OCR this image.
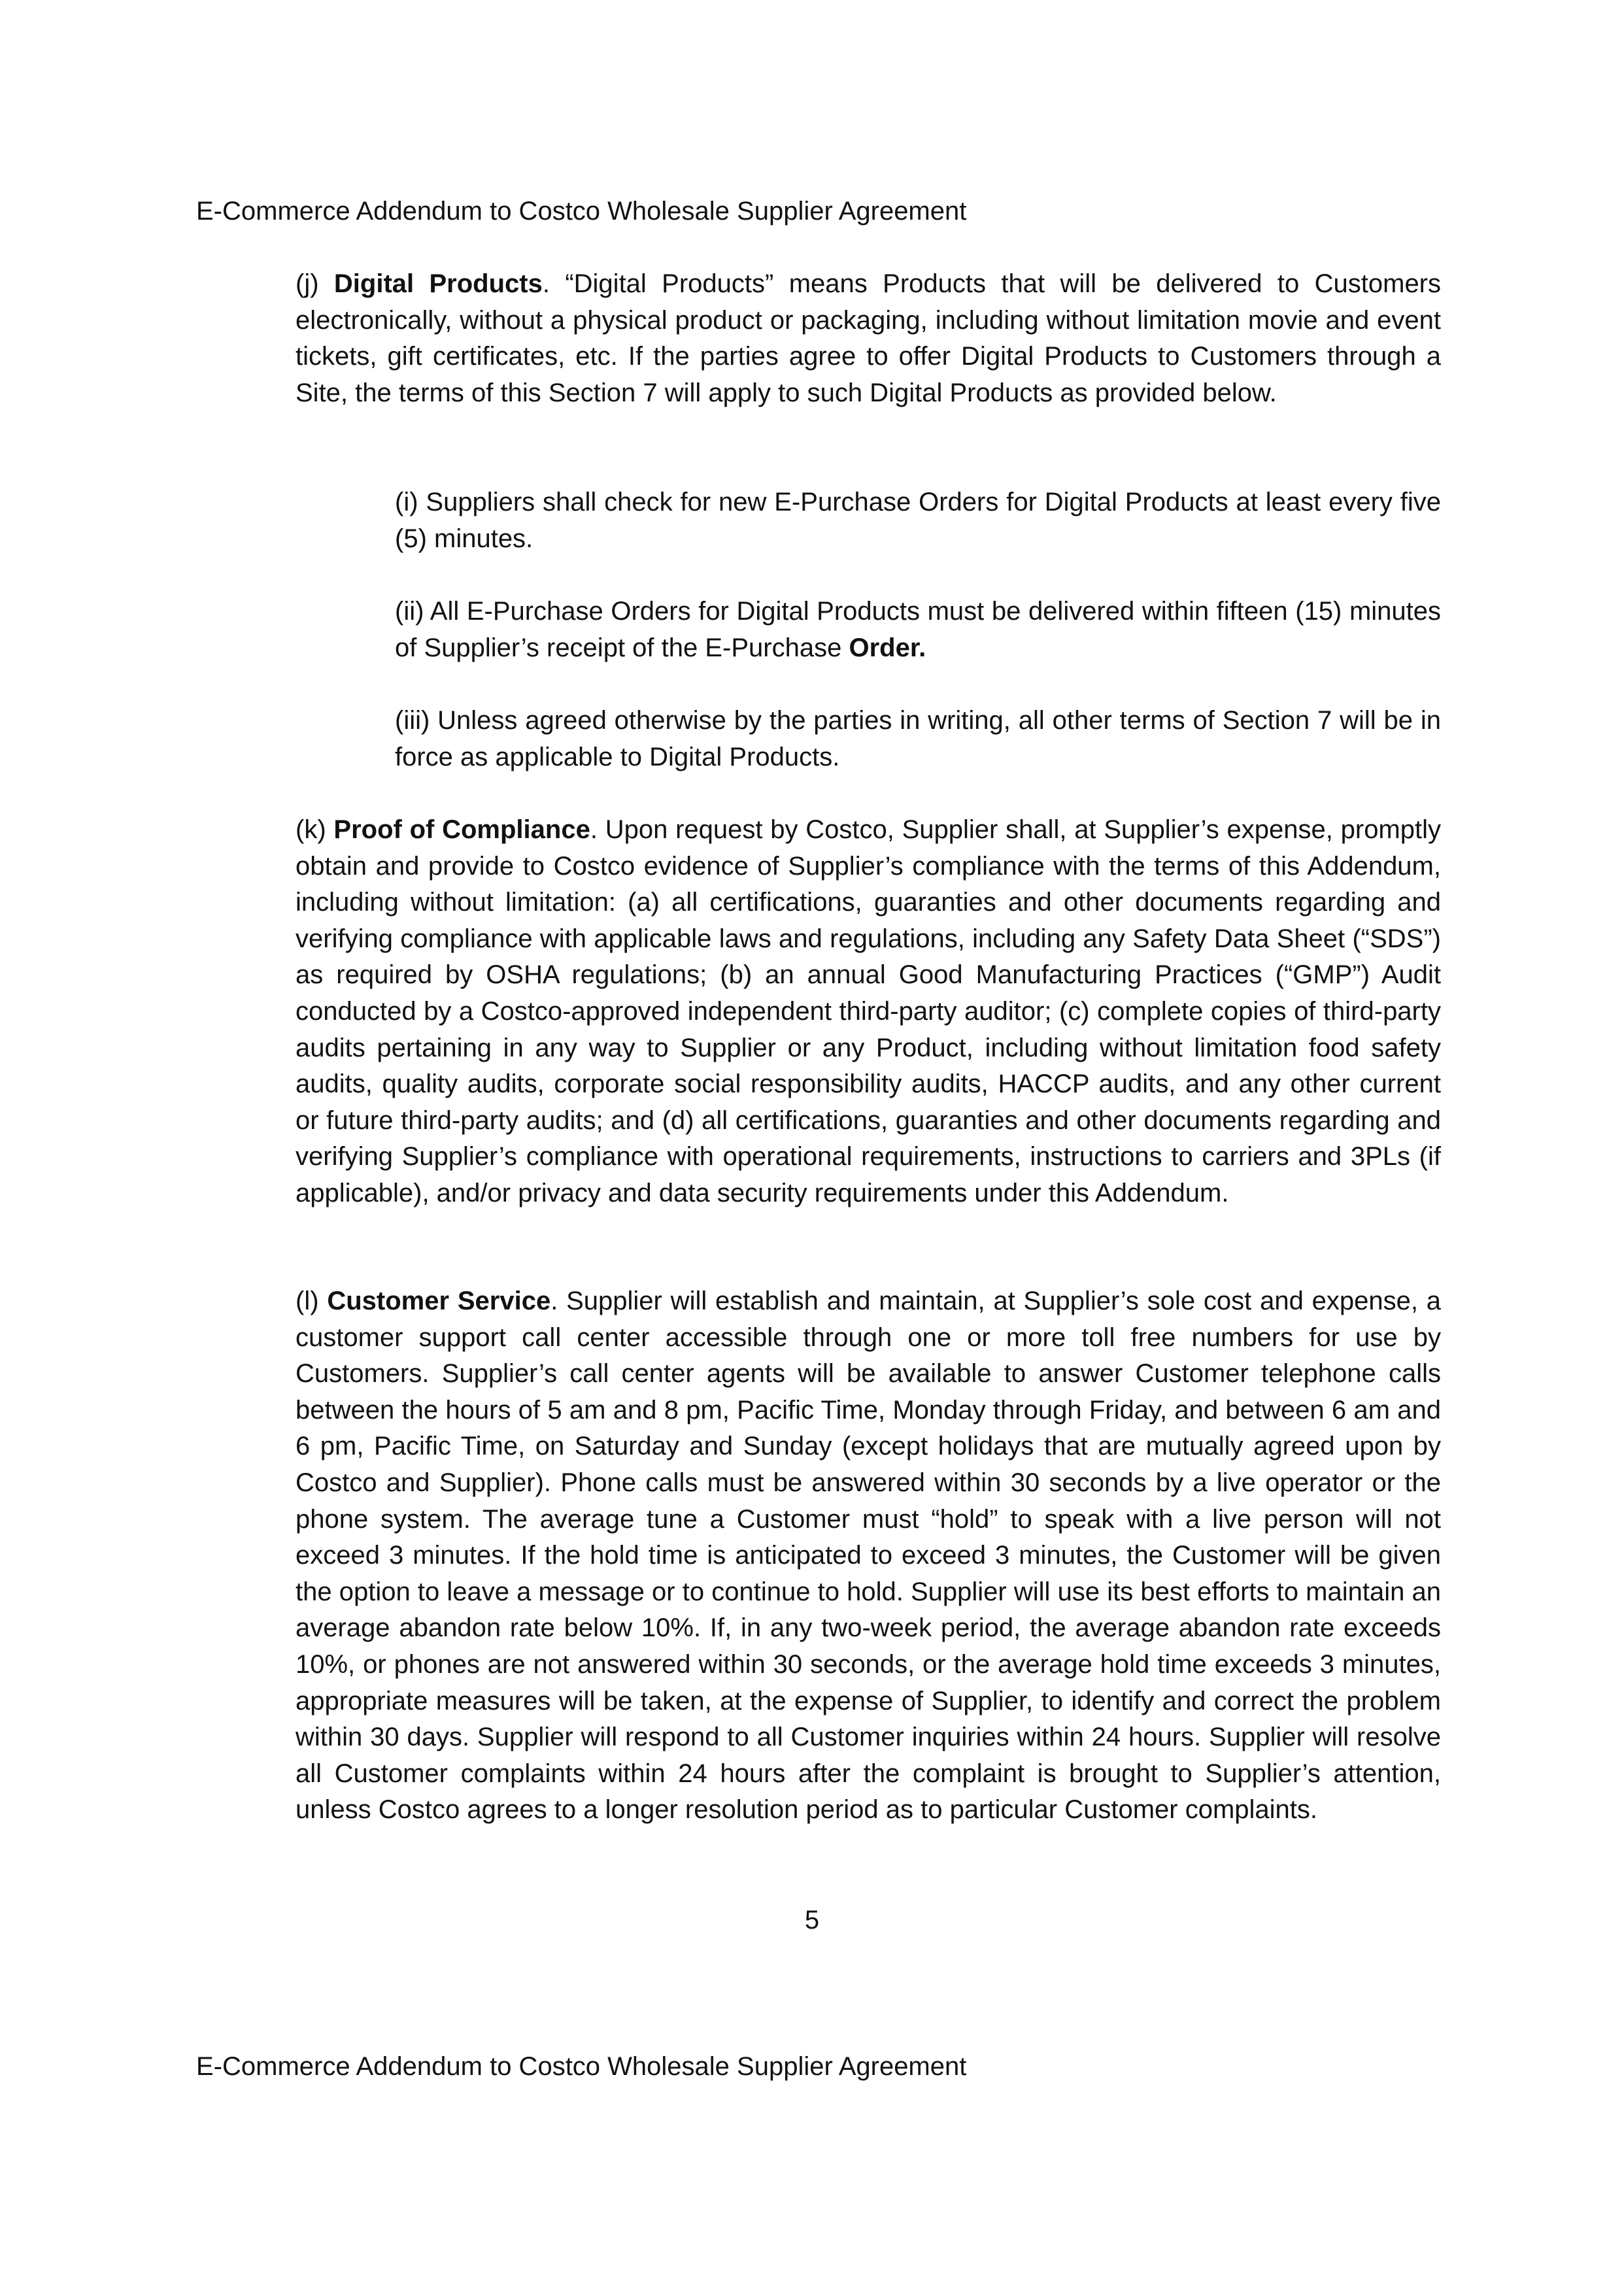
E-Commerce Addendum to Costco Wholesale Supplier Agreement

(j) Digital Products. “Digital Products” means Products that will be delivered to Customers electronically, without a physical product or packaging, including without limitation movie and event tickets, gift certificates, etc. If the parties agree to offer Digital Products to Customers through a Site, the terms of this Section 7 will apply to such Digital Products as provided below.

(i) Suppliers shall check for new E-Purchase Orders for Digital Products at least every five (5) minutes.

(ii) All E-Purchase Orders for Digital Products must be delivered within fifteen (15) minutes of Supplier’s receipt of the E-Purchase Order.

(iii) Unless agreed otherwise by the parties in writing, all other terms of Section 7 will be in force as applicable to Digital Products.

(k) Proof of Compliance. Upon request by Costco, Supplier shall, at Supplier’s expense, promptly obtain and provide to Costco evidence of Supplier’s compliance with the terms of this Addendum, including without limitation: (a) all certifications, guaranties and other documents regarding and verifying compliance with applicable laws and regulations, including any Safety Data Sheet (“SDS”) as required by OSHA regulations; (b) an annual Good Manufacturing Practices (“GMP”) Audit conducted by a Costco-approved independent third-party auditor; (c) complete copies of third-party audits pertaining in any way to Supplier or any Product, including without limitation food safety audits, quality audits, corporate social responsibility audits, HACCP audits, and any other current or future third-party audits; and (d) all certifications, guaranties and other documents regarding and verifying Supplier’s compliance with operational requirements, instructions to carriers and 3PLs (if applicable), and/or privacy and data security requirements under this Addendum.

(l) Customer Service. Supplier will establish and maintain, at Supplier’s sole cost and expense, a customer support call center accessible through one or more toll free numbers for use by Customers. Supplier’s call center agents will be available to answer Customer telephone calls between the hours of 5 am and 8 pm, Pacific Time, Monday through Friday, and between 6 am and 6 pm, Pacific Time, on Saturday and Sunday (except holidays that are mutually agreed upon by Costco and Supplier). Phone calls must be answered within 30 seconds by a live operator or the phone system. The average tune a Customer must “hold” to speak with a live person will not exceed 3 minutes. If the hold time is anticipated to exceed 3 minutes, the Customer will be given the option to leave a message or to continue to hold. Supplier will use its best efforts to maintain an average abandon rate below 10%. If, in any two-week period, the average abandon rate exceeds 10%, or phones are not answered within 30 seconds, or the average hold time exceeds 3 minutes, appropriate measures will be taken, at the expense of Supplier, to identify and correct the problem within 30 days. Supplier will respond to all Customer inquiries within 24 hours. Supplier will resolve all Customer complaints within 24 hours after the complaint is brought to Supplier’s attention, unless Costco agrees to a longer resolution period as to particular Customer complaints.

5
E-Commerce Addendum to Costco Wholesale Supplier Agreement
